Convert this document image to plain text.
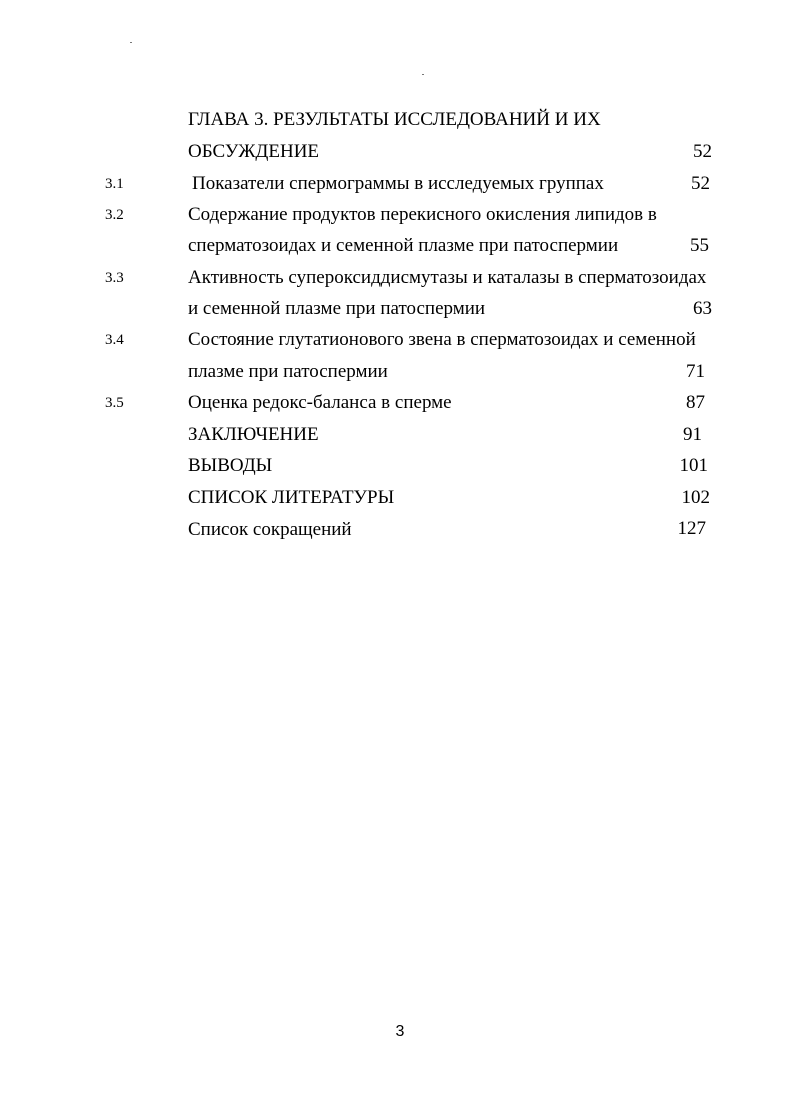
ГЛАВА 3. РЕЗУЛЬТАТЫ ИССЛЕДОВАНИЙ И ИХ
ОБСУЖДЕНИЕ	52
3.1	Показатели спермограммы в исследуемых группах	52
3.2	Содержание продуктов перекисного окисления липидов в
сперматозоидах и семенной плазме при патоспермии	55
3.3	Активность супероксиддисмутазы и каталазы в сперматозоидах
и семенной плазме при патоспермии	63
3.4	Состояние глутатионового звена в сперматозоидах и семенной
плазме при патоспермии	71
3.5	Оценка редокс-баланса в сперме	87
ЗАКЛЮЧЕНИЕ	91
ВЫВОДЫ	101
СПИСОК ЛИТЕРАТУРЫ	102
Список сокращений	127
3
